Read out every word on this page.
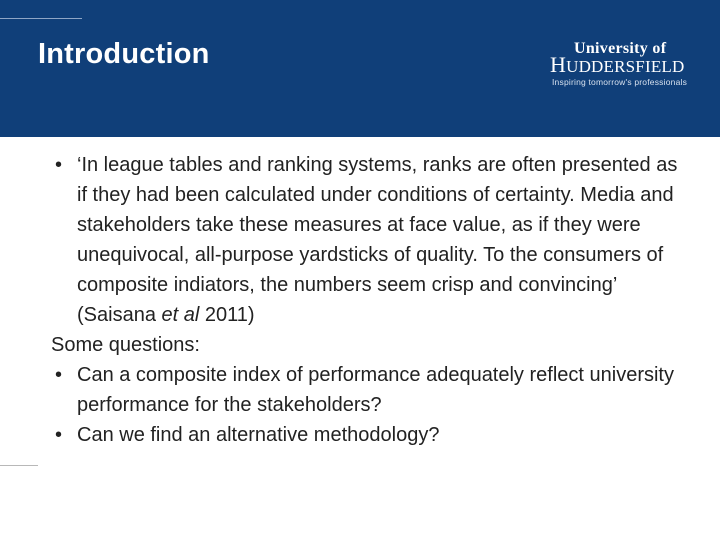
Introduction	University of
HUDDERSFIELD
Inspiring tomorrow's professionals
• ‘In league tables and ranking systems, ranks are often presented as if they had been calculated under conditions of certainty. Media and stakeholders take these measures at face value, as if they were unequivocal, all-purpose yardsticks of quality. To the consumers of composite indiators, the numbers seem crisp and convincing’ (Saisana et al 2011)
Some questions:
• Can a composite index of performance adequately reflect university performance for the stakeholders?
• Can we find an alternative methodology?
